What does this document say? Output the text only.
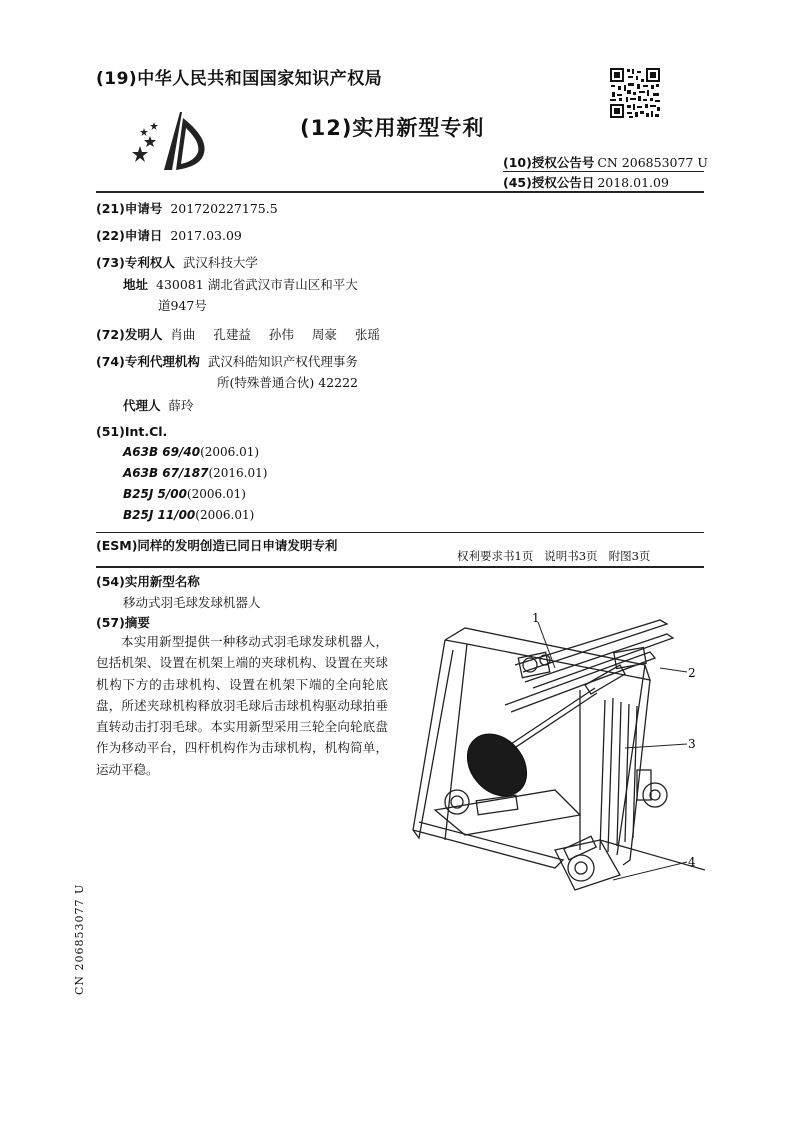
(19)中华人民共和国国家知识产权局
(12)实用新型专利
(10)授权公告号 CN 206853077 U
(45)授权公告日 2018.01.09
(21)申请号 201720227175.5
(22)申请日 2017.03.09
(73)专利权人 武汉科技大学
地址 430081 湖北省武汉市青山区和平大
道947号
(72)发明人 肖曲 孔建益 孙伟 周豪 张瑶
(74)专利代理机构 武汉科皓知识产权代理事务
所(特殊普通合伙) 42222
代理人 薛玲
(51)Int.Cl.
A63B 69/40(2006.01)
A63B 67/187(2016.01)
B25J 5/00(2006.01)
B25J 11/00(2006.01)
(ESM)同样的发明创造已同日申请发明专利
权利要求书1页   说明书3页   附图3页
(54)实用新型名称
移动式羽毛球发球机器人
(57)摘要
本实用新型提供一种移动式羽毛球发球机器人，包括机架、设置在机架上端的夹球机构、设置在夹球机构下方的击球机构、设置在机架下端的全向轮底盘，所述夹球机构释放羽毛球后击球机构驱动球拍垂直转动击打羽毛球。本实用新型采用三轮全向轮底盘作为移动平台，四杆机构作为击球机构，机构简单，运动平稳。
1
2
3
4
CN 206853077 U
